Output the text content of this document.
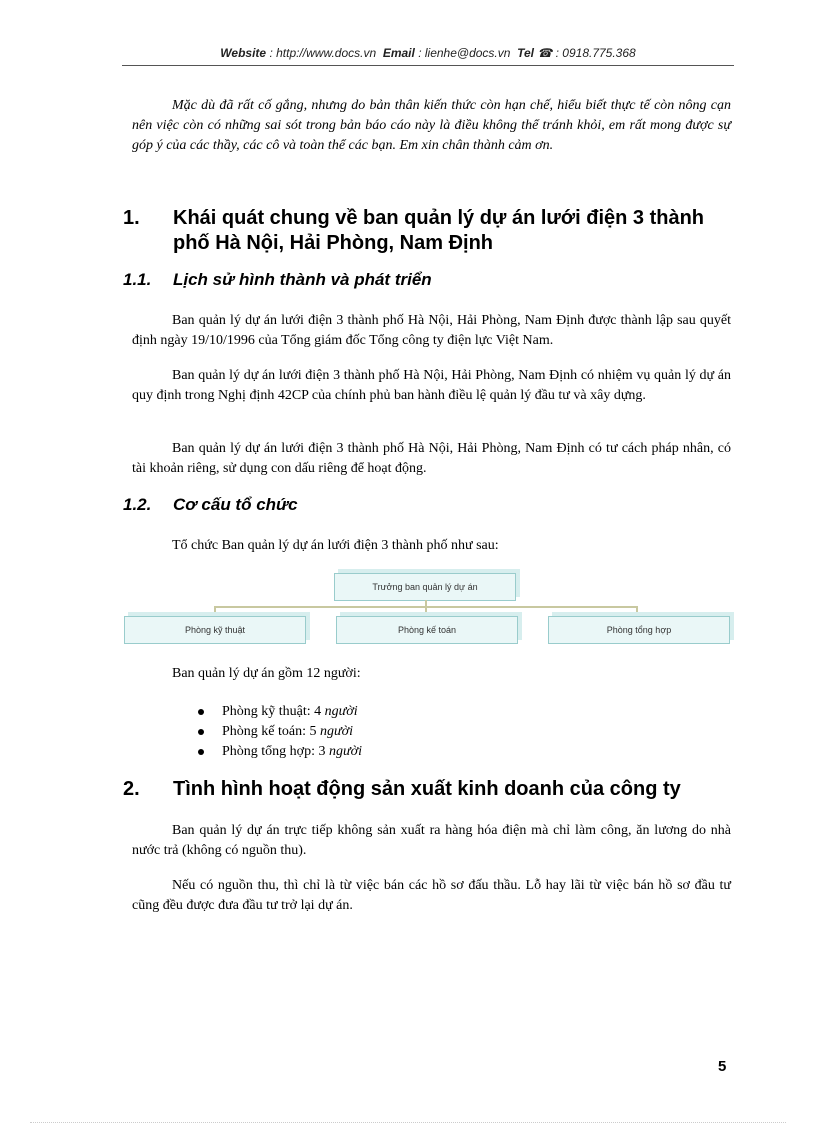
Website : http://www.docs.vn Email : lienhe@docs.vn Tel ☎ : 0918.775.368

Mặc dù đã rất cố gắng, nhưng do bản thân kiến thức còn hạn chế, hiểu biết thực tế còn nông cạn nên việc còn có những sai sót trong bản báo cáo này là điều không thể tránh khỏi, em rất mong được sự góp ý của các thầy, các cô và toàn thể các bạn. Em xin chân thành cảm ơn.

1. Khái quát chung về ban quản lý dự án lưới điện 3 thành phố Hà Nội, Hải Phòng, Nam Định
1.1. Lịch sử hình thành và phát triển

Ban quản lý dự án lưới điện 3 thành phố Hà Nội, Hải Phòng, Nam Định được thành lập sau quyết định ngày 19/10/1996 của Tổng giám đốc Tổng công ty điện lực Việt Nam.

Ban quản lý dự án lưới điện 3 thành phố Hà Nội, Hải Phòng, Nam Định có nhiệm vụ quản lý dự án quy định trong Nghị định 42CP của chính phủ ban hành điều lệ quản lý đầu tư và xây dựng.

Ban quản lý dự án lưới điện 3 thành phố Hà Nội, Hải Phòng, Nam Định có tư cách pháp nhân, có tài khoản riêng, sử dụng con dấu riêng để hoạt động.

1.2. Cơ cấu tổ chức

Tổ chức Ban quản lý dự án lưới điện 3 thành phố như sau:

Trưởng ban quản lý dự án
Phòng kỹ thuật	Phòng kế toán	Phòng tổng hợp

Ban quản lý dự án gồm 12 người:

Phòng kỹ thuật: 4 người
Phòng kế toán: 5 người
Phòng tổng hợp: 3 người
2. Tình hình hoạt động sản xuất kinh doanh của công ty

Ban quản lý dự án trực tiếp không sản xuất ra hàng hóa điện mà chỉ làm công, ăn lương do nhà nước trả (không có nguồn thu).

Nếu có nguồn thu, thì chỉ là từ việc bán các hồ sơ đấu thầu. Lỗ hay lãi từ việc bán hồ sơ đầu tư cũng đều được đưa đầu tư trở lại dự án.

5
